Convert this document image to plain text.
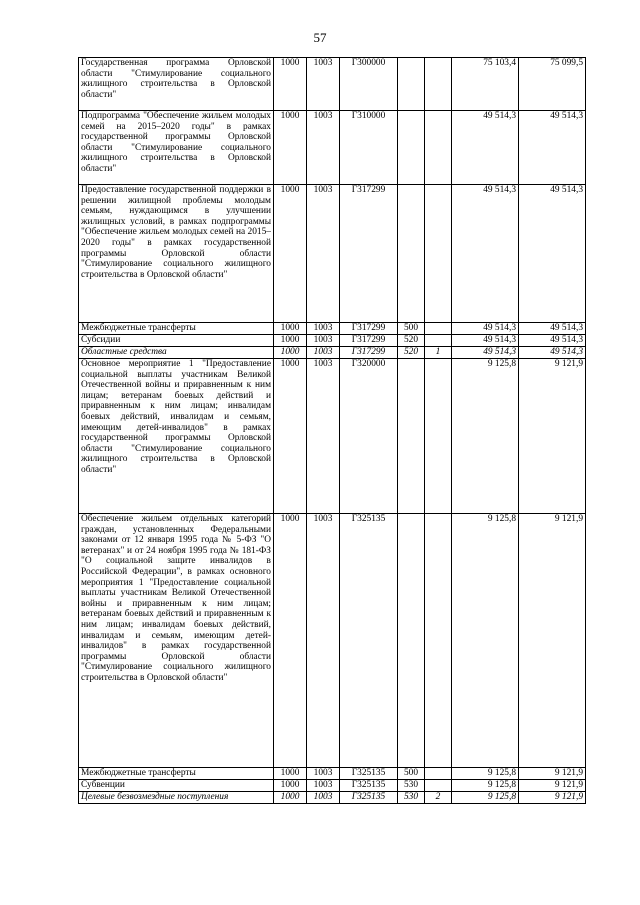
57
Государственная программа Орловской области "Стимулирование социального жилищного строительства в Орловской области"	1000	1003	Г300000			75 103,4	75 099,5
Подпрограмма "Обеспечение жильем молодых семей на 2015–2020 годы" в рамках государственной программы Орловской области "Стимулирование социального жилищного строительства в Орловской области"	1000	1003	Г310000			49 514,3	49 514,3
Предоставление государственной поддержки в решении жилищной проблемы молодым семьям, нуждающимся в улучшении жилищных условий, в рамках подпрограммы "Обеспечение жильем молодых семей на 2015–2020 годы" в рамках государственной программы Орловской области "Стимулирование социального жилищного строительства в Орловской области"	1000	1003	Г317299			49 514,3	49 514,3
Межбюджетные трансферты	1000	1003	Г317299	500		49 514,3	49 514,3
Субсидии	1000	1003	Г317299	520		49 514,3	49 514,3
Областные средства	1000	1003	Г317299	520	1	49 514,3	49 514,3
Основное мероприятие 1 "Предоставление социальной выплаты участникам Великой Отечественной войны и приравненным к ним лицам; ветеранам боевых действий и приравненным к ним лицам; инвалидам боевых действий, инвалидам и семьям, имеющим детей-инвалидов" в рамках государственной программы Орловской области "Стимулирование социального жилищного строительства в Орловской области"	1000	1003	Г320000			9 125,8	9 121,9
Обеспечение жильем отдельных категорий граждан, установленных Федеральными законами от 12 января 1995 года № 5-ФЗ "О ветеранах" и от 24 ноября 1995 года № 181-ФЗ "О социальной защите инвалидов в Российской Федерации", в рамках основного мероприятия 1 "Предоставление социальной выплаты участникам Великой Отечественной войны и приравненным к ним лицам; ветеранам боевых действий и приравненным к ним лицам; инвалидам боевых действий, инвалидам и семьям, имеющим детей-инвалидов" в рамках государственной программы Орловской области "Стимулирование социального жилищного строительства в Орловской области"	1000	1003	Г325135			9 125,8	9 121,9
Межбюджетные трансферты	1000	1003	Г325135	500		9 125,8	9 121,9
Субвенции	1000	1003	Г325135	530		9 125,8	9 121,9
Целевые безвозмездные поступления	1000	1003	Г325135	530	2	9 125,8	9 121,9
